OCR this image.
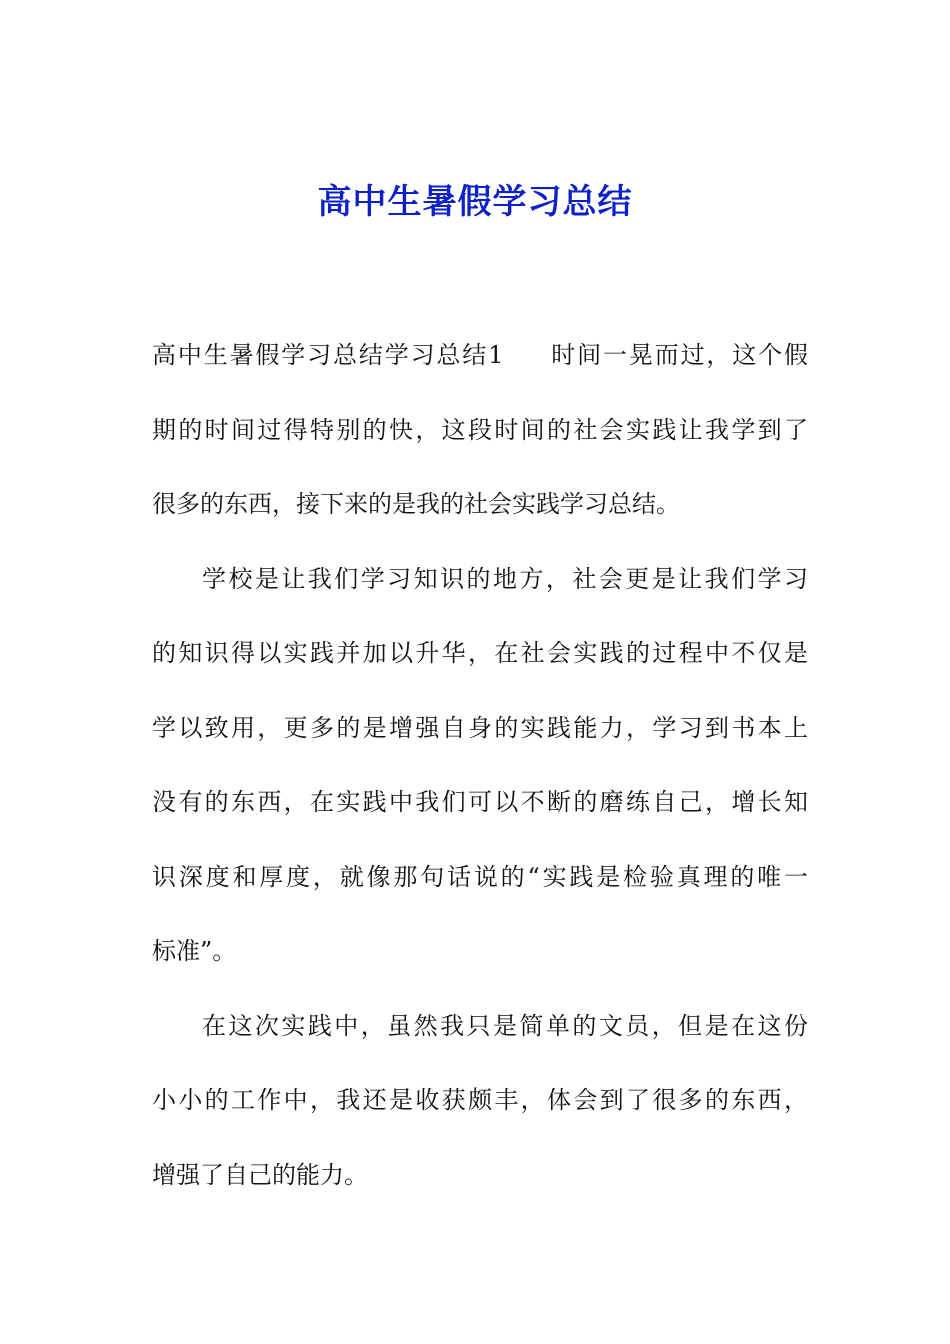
高中生暑假学习总结
高中生暑假学习总结学习总结1 时间一晃而过，这个假
期的时间过得特别的快，这段时间的社会实践让我学到了
很多的东西，接下来的是我的社会实践学习总结。
学校是让我们学习知识的地方，社会更是让我们学习
的知识得以实践并加以升华，在社会实践的过程中不仅是
学以致用，更多的是增强自身的实践能力，学习到书本上
没有的东西，在实践中我们可以不断的磨练自己，增长知
识深度和厚度，就像那句话说的“实践是检验真理的唯一
标准”。
在这次实践中，虽然我只是简单的文员，但是在这份
小小的工作中，我还是收获颇丰，体会到了很多的东西，
增强了自己的能力。
